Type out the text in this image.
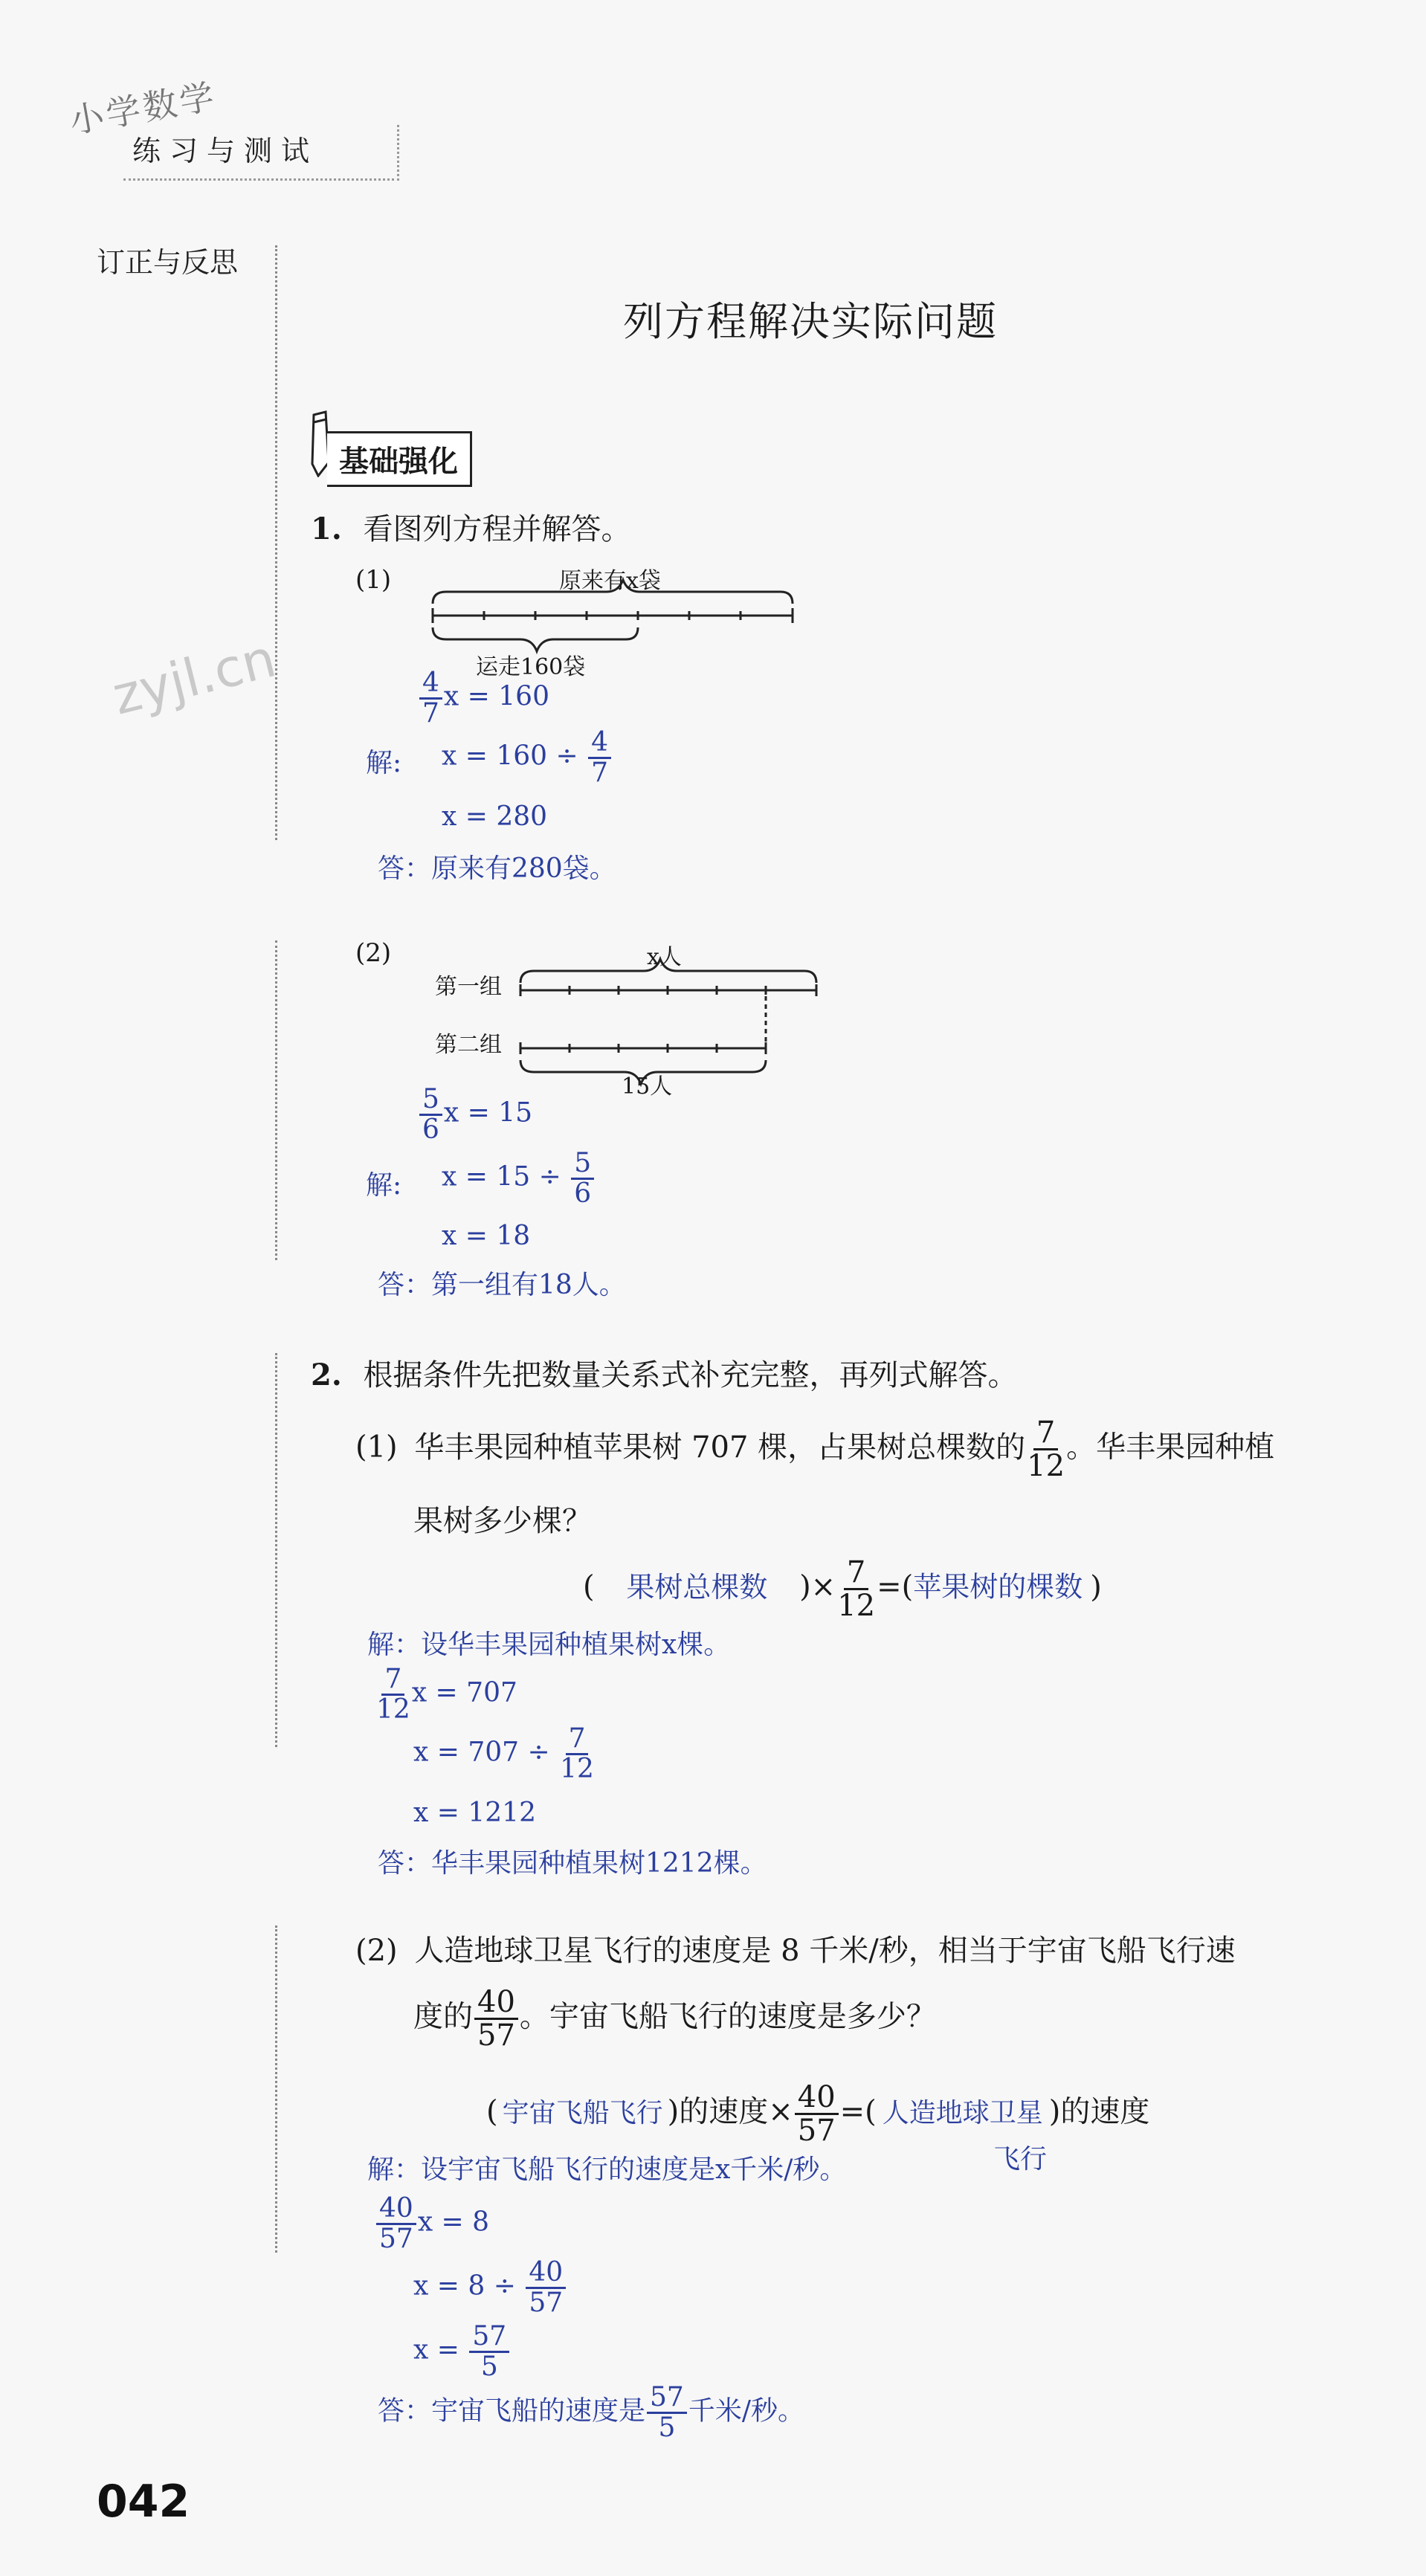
小学数学
练习与测试
订正与反思
zyjl.cn
列方程解决实际问题
基础强化
1. 看图列方程并解答。
(1)	原来有x袋
运走160袋
$\frac{4}{7}$ x = 160
解: $x = 160 \div \frac{4}{7}$
x = 280
答：原来有280袋。
(2)
第一组
第二组
x人
15人
$\frac{5}{6}$ x = 15
解: $x = 15 \div \frac{5}{6}$
x = 18
答：第一组有18人。
2. 根据条件先把数量关系式补充完整，再列式解答。
(1) 华丰果园种植苹果树 707 棵，占果树总棵数的 $\frac{7}{12}$ 。华丰果园种植
果树多少棵？
( 果树总棵数 )× $\frac{7}{12}$ =(苹果树的棵数 )
解：设华丰果园种植果树x棵。
$\frac{7}{12}$ x = 707
$x = 707 \div \frac{7}{12}$
x = 1212
答：华丰果园种植果树1212棵。
(2) 人造地球卫星飞行的速度是 8 千米/秒，相当于宇宙飞船飞行速
度的 $\frac{40}{57}$ 。宇宙飞船飞行的速度是多少？
( 宇宙飞船飞行 )的速度× $\frac{40}{57}$ =( 人造地球卫星 )的速度
飞行
解：设宇宙飞船飞行的速度是x千米/秒。
$\frac{40}{57}$ x = 8
$x = 8 \div \frac{40}{57}$
$x = \frac{57}{5}$
答：宇宙飞船的速度是 $\frac{57}{5}$ 千米/秒。
042
